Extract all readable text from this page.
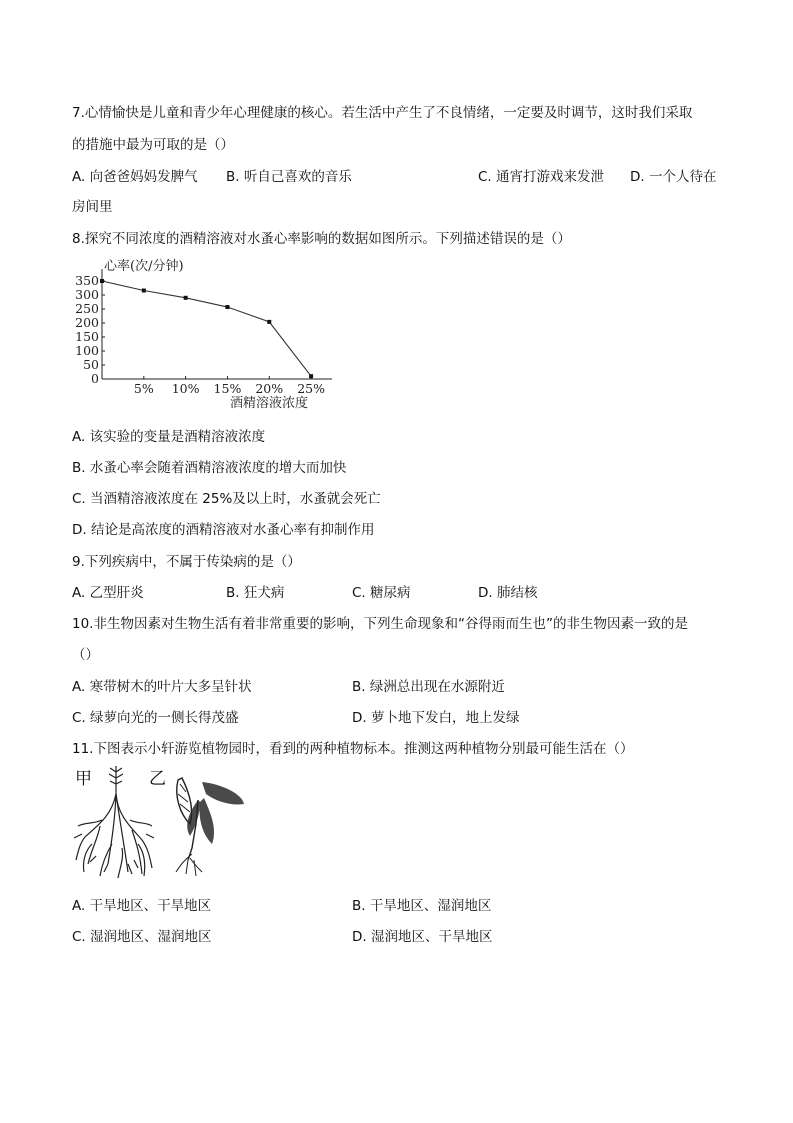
7.心情愉快是儿童和青少年心理健康的核心。若生活中产生了不良情绪，一定要及时调节，这时我们采取
的措施中最为可取的是（）
A. 向爸爸妈妈发脾气 B. 听自己喜欢的音乐	C. 通宵打游戏来发泄 D. 一个人待在
房间里
8.探究不同浓度的酒精溶液对水蚤心率影响的数据如图所示。下列描述错误的是（）
心率(次/分钟)
酒精溶液浓度
0
50
100
150
200
250
300
350
5% 10% 15% 20% 25%
A. 该实验的变量是酒精溶液浓度
B. 水蚤心率会随着酒精溶液浓度的增大而加快
C. 当酒精溶液浓度在 25%及以上时，水蚤就会死亡
D. 结论是高浓度的酒精溶液对水蚤心率有抑制作用
9.下列疾病中，不属于传染病的是（）
A. 乙型肝炎	B. 狂犬病	C. 糖尿病	D. 肺结核
10.非生物因素对生物生活有着非常重要的影响，下列生命现象和“谷得雨而生也”的非生物因素一致的是
（）
A. 寒带树木的叶片大多呈针状	B. 绿洲总出现在水源附近
C. 绿萝向光的一侧长得茂盛	D. 萝卜地下发白，地上发绿
11.下图表示小轩游览植物园时，看到的两种植物标本。推测这两种植物分别最可能生活在（）
甲	乙
A. 干旱地区、干旱地区	B. 干旱地区、湿润地区
C. 湿润地区、湿润地区	D. 湿润地区、干旱地区
